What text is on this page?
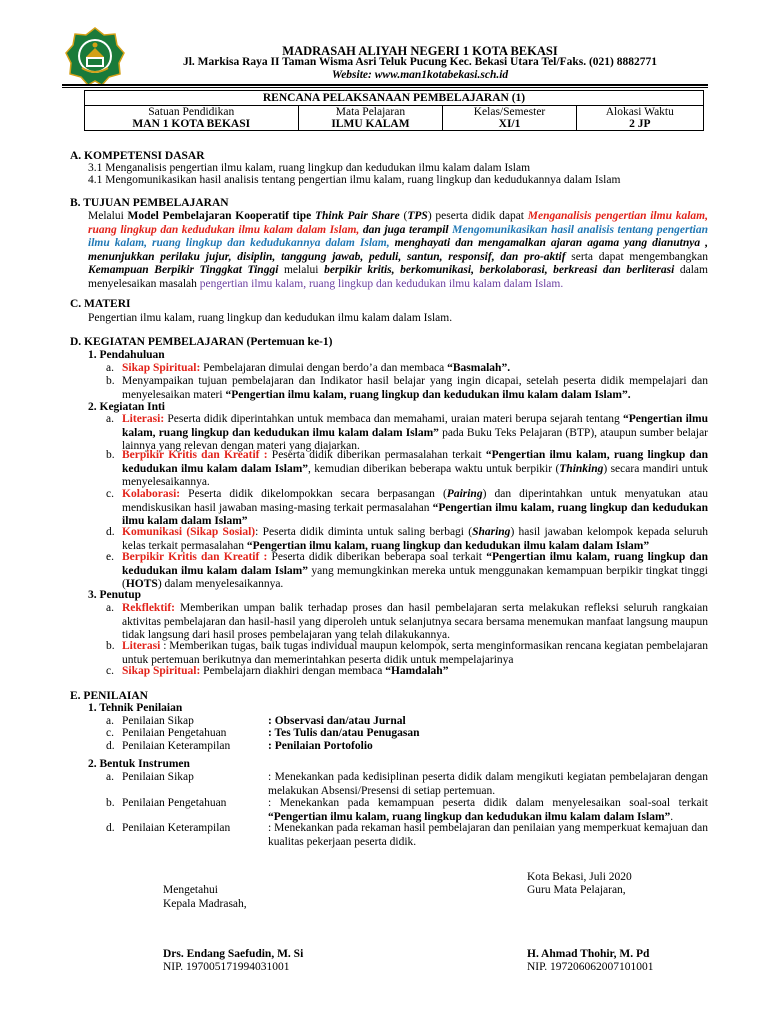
MADRASAH ALIYAH NEGERI 1 KOTA BEKASI
Jl. Markisa Raya II Taman Wisma Asri Teluk Pucung Kec. Bekasi Utara Tel/Faks. (021) 8882771
Website: www.man1kotabekasi.sch.id
RENCANA PELAKSANAAN PEMBELAJARAN (1)			
Satuan Pendidikan	Mata Pelajaran	Kelas/Semester	Alokasi Waktu
MAN 1 KOTA BEKASI	ILMU KALAM	XI/1	2 JP
A. KOMPETENSI DASAR
3.1 Menganalisis pengertian ilmu kalam, ruang lingkup dan kedudukan ilmu kalam dalam Islam
4.1 Mengomunikasikan hasil analisis tentang pengertian ilmu kalam, ruang lingkup dan kedudukannya dalam Islam
B. TUJUAN PEMBELAJARAN
Melalui Model Pembelajaran Kooperatif tipe Think Pair Share (TPS) peserta didik dapat Menganalisis pengertian ilmu kalam, ruang lingkup dan kedudukan ilmu kalam dalam Islam, dan juga terampil Mengomunikasikan hasil analisis tentang pengertian ilmu kalam, ruang lingkup dan kedudukannya dalam Islam, menghayati dan mengamalkan ajaran agama yang dianutnya , menunjukkan perilaku jujur, disiplin, tanggung jawab, peduli, santun, responsif, dan pro-aktif serta dapat mengembangkan Kemampuan Berpikir Tinggkat Tinggi melalui berpikir kritis, berkomunikasi, berkolaborasi, berkreasi dan berliterasi dalam menyelesaikan masalah pengertian ilmu kalam, ruang lingkup dan kedudukan ilmu kalam dalam Islam.
C. MATERI
Pengertian ilmu kalam, ruang lingkup dan kedudukan ilmu kalam dalam Islam.
D. KEGIATAN PEMBELAJARAN (Pertemuan ke-1)
1. Pendahuluan
a. Sikap Spiritual: Pembelajaran dimulai dengan berdo’a dan membaca “Basmalah”.
b. Menyampaikan tujuan pembelajaran dan Indikator hasil belajar yang ingin dicapai, setelah peserta didik mempelajari dan menyelesaikan materi “Pengertian ilmu kalam, ruang lingkup dan kedudukan ilmu kalam dalam Islam”.
2. Kegiatan Inti
a. Literasi: Peserta didik diperintahkan untuk membaca dan memahami, uraian materi berupa sejarah tentang “Pengertian ilmu kalam, ruang lingkup dan kedudukan ilmu kalam dalam Islam” pada Buku Teks Pelajaran (BTP), ataupun sumber belajar lainnya yang relevan dengan materi yang diajarkan.
b. Berpikir Kritis dan Kreatif : Peserta didik diberikan permasalahan terkait “Pengertian ilmu kalam, ruang lingkup dan kedudukan ilmu kalam dalam Islam”, kemudian diberikan beberapa waktu untuk berpikir (Thinking) secara mandiri untuk menyelesaikannya.
c. Kolaborasi: Peserta didik dikelompokkan secara berpasangan (Pairing) dan diperintahkan untuk menyatukan atau mendiskusikan hasil jawaban masing-masing terkait permasalahan “Pengertian ilmu kalam, ruang lingkup dan kedudukan ilmu kalam dalam Islam”
d. Komunikasi (Sikap Sosial): Peserta didik diminta untuk saling berbagi (Sharing) hasil jawaban kelompok kepada seluruh kelas terkait permasalahan “Pengertian ilmu kalam, ruang lingkup dan kedudukan ilmu kalam dalam Islam”
e. Berpikir Kritis dan Kreatif : Peserta didik diberikan beberapa soal terkait “Pengertian ilmu kalam, ruang lingkup dan kedudukan ilmu kalam dalam Islam” yang memungkinkan mereka untuk menggunakan kemampuan berpikir tingkat tinggi (HOTS) dalam menyelesaikannya.
3. Penutup
a. Rekflektif: Memberikan umpan balik terhadap proses dan hasil pembelajaran serta melakukan refleksi seluruh rangkaian aktivitas pembelajaran dan hasil-hasil yang diperoleh untuk selanjutnya secara bersama menemukan manfaat langsung maupun tidak langsung dari hasil proses pembelajaran yang telah dilakukannya.
b. Literasi : Memberikan tugas, baik tugas individual maupun kelompok, serta menginformasikan rencana kegiatan pembelajaran untuk pertemuan berikutnya dan memerintahkan peserta didik untuk mempelajarinya
c. Sikap Spiritual: Pembelajarn diakhiri dengan membaca “Hamdalah”
E. PENILAIAN
1. Tehnik Penilaian
a. Penilaian Sikap	: Observasi dan/atau Jurnal
c. Penilaian Pengetahuan	: Tes Tulis dan/atau Penugasan
d. Penilaian Keterampilan	: Penilaian Portofolio
2. Bentuk Instrumen
a. Penilaian Sikap	: Menekankan pada kedisiplinan peserta didik dalam mengikuti kegiatan pembelajaran dengan melakukan Absensi/Presensi di setiap pertemuan.
b. Penilaian Pengetahuan	: Menekankan pada kemampuan peserta didik dalam menyelesaikan soal-soal terkait “Pengertian ilmu kalam, ruang lingkup dan kedudukan ilmu kalam dalam Islam”.
d. Penilaian Keterampilan	: Menekankan pada rekaman hasil pembelajaran dan penilaian yang memperkuat kemajuan dan kualitas pekerjaan peserta didik.
Kota Bekasi, Juli 2020
Guru Mata Pelajaran,
Mengetahui
Kepala Madrasah,
Drs. Endang Saefudin, M. Si
NIP. 197005171994031001
H. Ahmad Thohir, M. Pd
NIP. 197206062007101001
